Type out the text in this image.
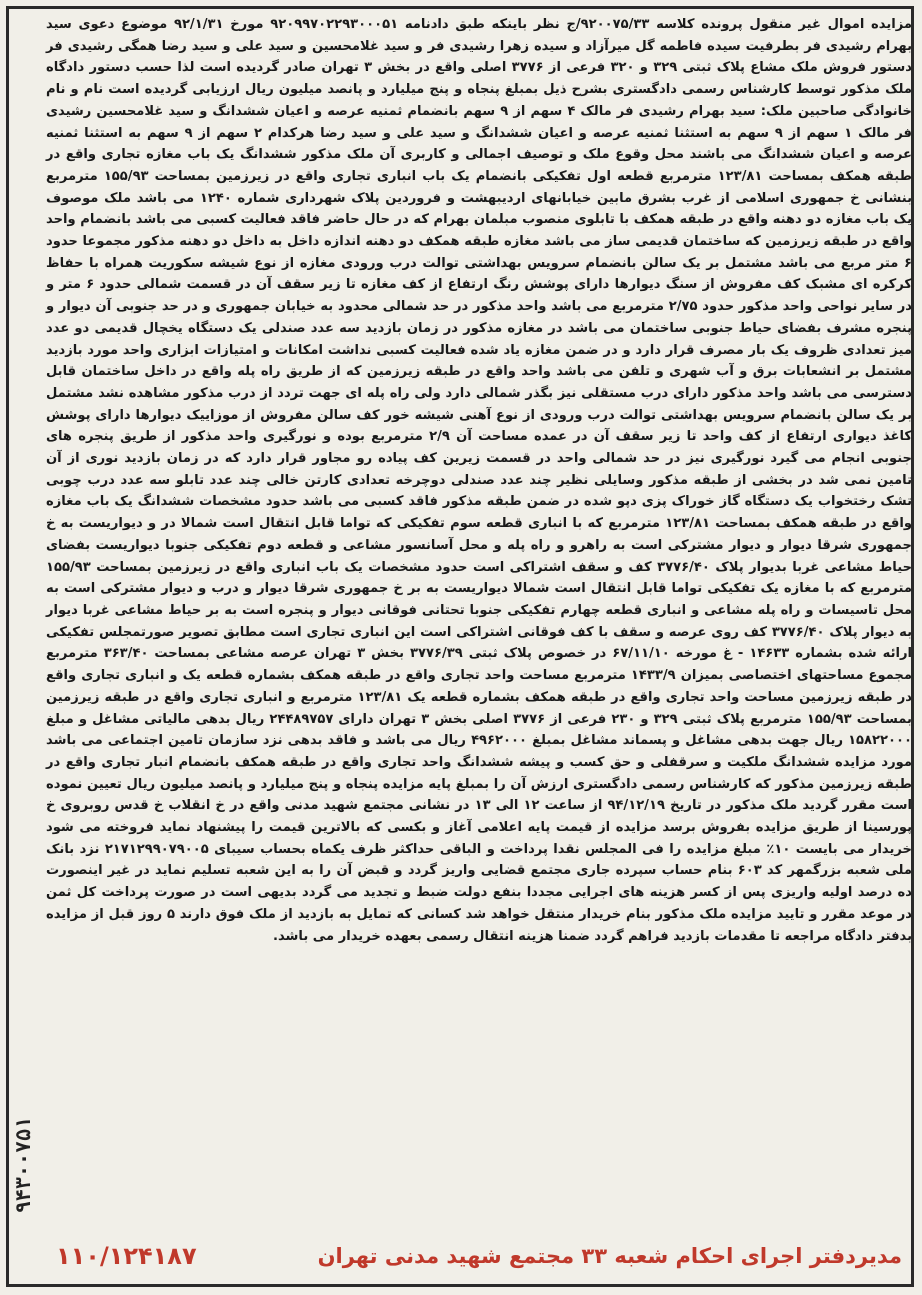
مزایده اموال غیر منقول پرونده کلاسه ۹۲۰۰۷۵/۳۳/ج نظر باینکه طبق دادنامه ۹۲۰۹۹۷۰۲۲۹۳۰۰۰۵۱ مورخ ۹۲/۱/۳۱ موضوع دعوی سید بهرام رشیدی فر بطرفیت سیده فاطمه گل میرآزاد و سیده زهرا رشیدی فر و سید غلامحسین و سید علی و سید رضا همگی رشیدی فر دستور فروش ملک مشاع پلاک ثبتی ۳۲۹ و ۳۲۰ فرعی از ۳۷۷۶ اصلی واقع در بخش ۳ تهران صادر گردیده است لذا حسب دستور دادگاه ملک مذکور توسط کارشناس رسمی دادگستری بشرح ذیل بمبلغ پنجاه و پنج میلیارد و پانصد میلیون ریال ارزیابی گردیده است نام و نام خانوادگی صاحبین ملک: سید بهرام رشیدی فر مالک ۴ سهم از ۹ سهم بانضمام ثمنیه عرصه و اعیان ششدانگ و سید غلامحسین رشیدی فر مالک ۱ سهم از ۹ سهم به استثنا ثمنیه عرصه و اعیان ششدانگ و سید علی و سید رضا هرکدام ۲ سهم از ۹ سهم به استثنا ثمنیه عرصه و اعیان ششدانگ می باشند محل وقوع ملک و توصیف اجمالی و کاربری آن ملک مذکور ششدانگ یک باب مغازه تجاری واقع در طبقه همکف بمساحت ۱۲۳/۸۱ مترمربع قطعه اول تفکیکی بانضمام یک باب انباری تجاری واقع در زیرزمین بمساحت ۱۵۵/۹۳ مترمربع بنشانی خ جمهوری اسلامی از غرب بشرق مابین خیابانهای اردیبهشت و فروردین پلاک شهرداری شماره ۱۲۴۰ می باشد ملک موصوف یک باب مغازه دو دهنه واقع در طبقه همکف با تابلوی منصوب مبلمان بهرام که در حال حاضر فاقد فعالیت کسبی می باشد بانضمام واحد واقع در طبقه زیرزمین که ساختمان قدیمی ساز می باشد مغازه طبقه همکف دو دهنه اندازه داخل به داخل دو دهنه مذکور مجموعا حدود ۶ متر مربع می باشد مشتمل بر یک سالن بانضمام سرویس بهداشتی توالت درب ورودی مغازه از نوع شیشه سکوریت همراه با حفاظ کرکره ای مشبک کف مفروش از سنگ دیوارها دارای پوشش رنگ ارتفاع از کف مغازه تا زیر سقف آن در قسمت شمالی حدود ۶ متر و در سایر نواحی واحد مذکور حدود ۲/۷۵ مترمربع می باشد واحد مذکور در حد شمالی محدود به خیابان جمهوری و در حد جنوبی آن دیوار و پنجره مشرف بفضای حیاط جنوبی ساختمان می باشد در مغازه مذکور در زمان بازدید سه عدد صندلی یک دستگاه یخچال قدیمی دو عدد میز تعدادی ظروف یک بار مصرف قرار دارد و در ضمن مغازه یاد شده فعالیت کسبی نداشت امکانات و امتیازات ابزاری واحد مورد بازدید مشتمل بر انشعابات برق و آب شهری و تلفن می باشد واحد واقع در طبقه زیرزمین که از طریق راه پله واقع در داخل ساختمان قابل دسترسی می باشد واحد مذکور دارای درب مستقلی نیز بگذر شمالی دارد ولی راه پله ای جهت تردد از درب مذکور مشاهده نشد مشتمل بر یک سالن بانضمام سرویس بهداشتی توالت درب ورودی از نوع آهنی شیشه خور کف سالن مفروش از موزاییک دیوارها دارای پوشش کاغذ دیواری ارتفاع از کف واحد تا زیر سقف آن در عمده مساحت آن ۲/۹ مترمربع بوده و نورگیری واحد مذکور از طریق پنجره های جنوبی انجام می گیرد نورگیری نیز در حد شمالی واحد در قسمت زیرین کف پیاده رو مجاور قرار دارد که در زمان بازدید نوری از آن تامین نمی شد در بخشی از طبقه مذکور وسایلی نظیر چند عدد صندلی دوچرخه تعدادی کارتن خالی چند عدد تابلو سه عدد درب چوبی تشک رختخواب یک دستگاه گاز خوراک پزی دپو شده در ضمن طبقه مذکور فاقد کسبی می باشد حدود مشخصات ششدانگ یک باب مغازه واقع در طبقه همکف بمساحت ۱۲۳/۸۱ مترمربع که با انباری قطعه سوم تفکیکی که تواما قابل انتقال است شمالا در و دیواریست به خ جمهوری شرقا دیوار و دیوار مشترکی است به راهرو و راه پله و محل آسانسور مشاعی و قطعه دوم تفکیکی جنوبا دیواریست بفضای حیاط مشاعی غربا بدیوار پلاک ۳۷۷۶/۴۰ کف و سقف اشتراکی است حدود مشخصات یک باب انباری واقع در زیرزمین بمساحت ۱۵۵/۹۳ مترمربع که با مغازه یک تفکیکی تواما قابل انتقال است شمالا دیواریست به بر خ جمهوری شرقا دیوار و درب و دیوار مشترکی است به محل تاسیسات و راه پله مشاعی و انباری قطعه چهارم تفکیکی جنوبا تحتانی فوقانی دیوار و پنجره است به بر حیاط مشاعی غربا دیوار به دیوار پلاک ۳۷۷۶/۴۰ کف روی عرصه و سقف با کف فوقانی اشتراکی است این انباری تجاری است مطابق تصویر صورتمجلس تفکیکی ارائه شده بشماره ۱۴۶۳۳ - غ مورخه ۶۷/۱۱/۱۰ در خصوص پلاک ثبتی ۳۷۷۶/۳۹ بخش ۳ تهران عرصه مشاعی بمساحت ۳۶۳/۴۰ مترمربع مجموع مساحتهای اختصاصی بمیزان ۱۴۳۳/۹ مترمربع مساحت واحد تجاری واقع در طبقه همکف بشماره قطعه یک و انباری تجاری واقع در طبقه زیرزمین مساحت واحد تجاری واقع در طبقه همکف بشماره قطعه یک ۱۲۳/۸۱ مترمربع و انباری تجاری واقع در طبقه زیرزمین بمساحت ۱۵۵/۹۳ مترمربع پلاک ثبتی ۳۲۹ و ۲۳۰ فرعی از ۳۷۷۶ اصلی بخش ۳ تهران دارای ۲۴۴۸۹۷۵۷ ریال بدهی مالیاتی مشاغل و مبلغ ۱۵۸۲۲۰۰۰ ریال جهت بدهی مشاغل و پسماند مشاغل بمبلغ ۴۹۶۲۰۰۰ ریال می باشد و فاقد بدهی نزد سازمان تامین اجتماعی می باشد مورد مزایده ششدانگ ملکیت و سرقفلی و حق کسب و پیشه ششدانگ واحد تجاری واقع در طبقه همکف بانضمام انبار تجاری واقع در طبقه زیرزمین مذکور که کارشناس رسمی دادگستری ارزش آن را بمبلغ پایه مزایده پنجاه و پنج میلیارد و پانصد میلیون ریال تعیین نموده است مقرر گردید ملک مذکور در تاریخ ۹۴/۱۲/۱۹ از ساعت ۱۲ الی ۱۳ در نشانی مجتمع شهید مدنی واقع در خ انقلاب خ قدس روبروی خ پورسینا از طریق مزایده بفروش برسد مزایده از قیمت پایه اعلامی آغاز و بکسی که بالاترین قیمت را پیشنهاد نماید فروخته می شود خریدار می بایست ۱۰٪ مبلغ مزایده را فی المجلس نقدا پرداخت و الباقی حداکثر ظرف یکماه بحساب سیبای ۲۱۷۱۲۹۹۰۷۹۰۰۵ نزد بانک ملی شعبه بزرگمهر کد ۶۰۳ بنام حساب سپرده جاری مجتمع قضایی واریز گردد و قبض آن را به این شعبه تسلیم نماید در غیر اینصورت ده درصد اولیه واریزی پس از کسر هزینه های اجرایی مجددا بنفع دولت ضبط و تجدید می گردد بدیهی است در صورت پرداخت کل ثمن در موعد مقرر و تایید مزایده ملک مذکور بنام خریدار منتقل خواهد شد کسانی که تمایل به بازدید از ملک فوق دارند ۵ روز قبل از مزایده بدفتر دادگاه مراجعه تا مقدمات بازدید فراهم گردد ضمنا هزینه انتقال رسمی بعهده خریدار می باشد.

۹۴۳۰۰۷۵۱
مدیردفتر اجرای احکام شعبه ۳۳ مجتمع شهید مدنی تهران
۱۱۰/۱۲۴۱۸۷
